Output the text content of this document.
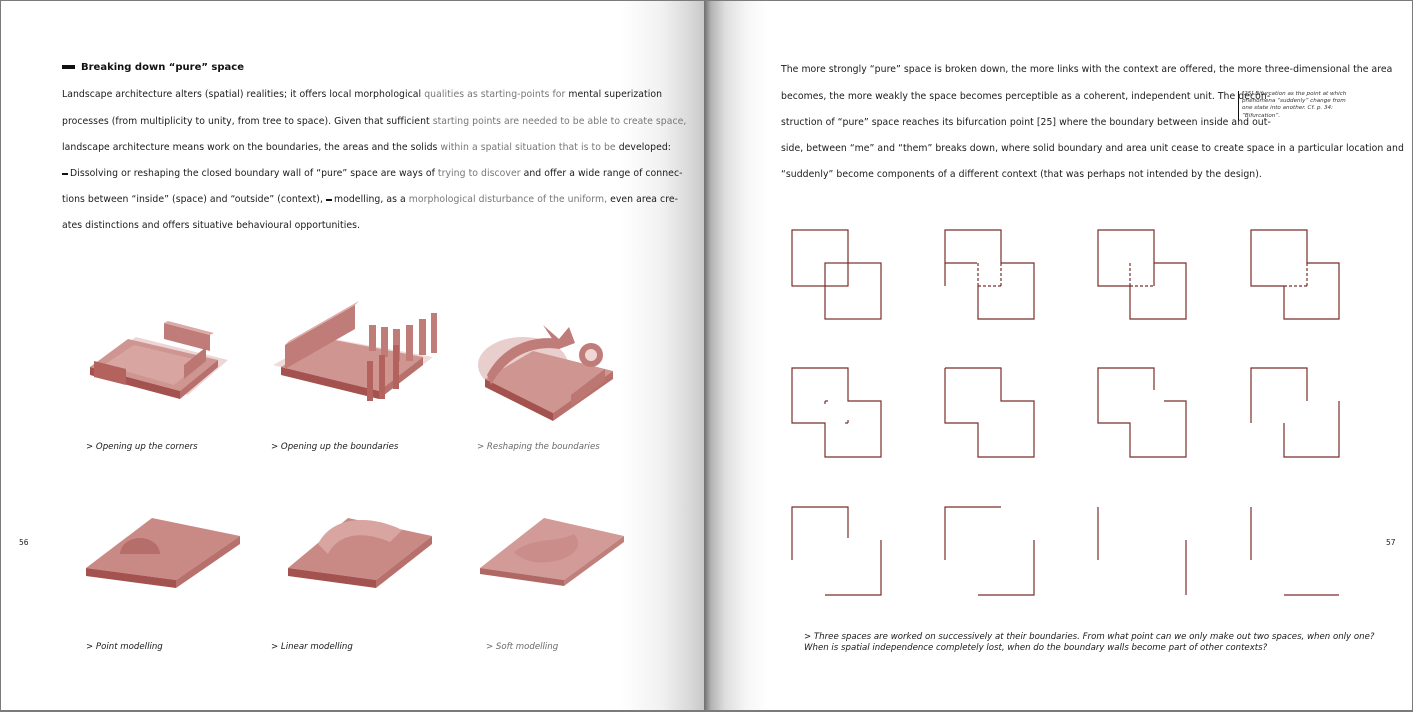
Breaking down “pure” space
Landscape architecture alters (spatial) realities; it offers local morphological qualities as starting-points for mental superization
processes (from multiplicity to unity, from tree to space). Given that sufficient starting points are needed to be able to create space,
landscape architecture means work on the boundaries, the areas and the solids within a spatial situation that is to be developed:
Dissolving or reshaping the closed boundary wall of “pure” space are ways of trying to discover and offer a wide range of connec-
tions between “inside” (space) and “outside” (context), modelling, as a morphological disturbance of the uniform, even area cre-
ates distinctions and offers situative behavioural opportunities.
> Opening up the corners	> Opening up the boundaries	> Reshaping the boundaries
> Point modelling	> Linear modelling	> Soft modelling
56
The more strongly “pure” space is broken down, the more links with the context are offered, the more three-dimensional the area
becomes, the more weakly the space becomes perceptible as a coherent, independent unit. The decon-
struction of “pure” space reaches its bifurcation point [25] where the boundary between inside and out-
side, between “me” and “them” breaks down, where solid boundary and area unit cease to create space in a particular location and
“suddenly” become components of a different context (that was perhaps not intended by the design).
[25] Bifurcation as the point at which phenomena “suddenly” change from one state into another. Cf. p. 34: “Bifurcation”.
> Three spaces are worked on successively at their boundaries. From what point can we only make out two spaces, when only one?
When is spatial independence completely lost, when do the boundary walls become part of other contexts?
57
